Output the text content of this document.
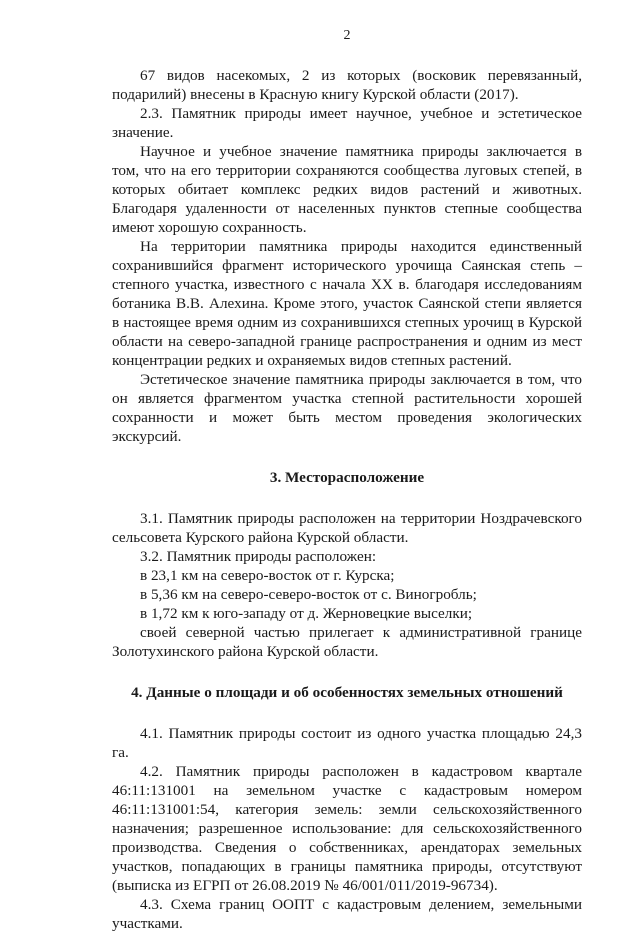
2

67 видов насекомых, 2 из которых (восковик перевязанный, подарилий) внесены в Красную книгу Курской области (2017).

2.3. Памятник природы имеет научное, учебное и эстетическое значение.

Научное и учебное значение памятника природы заключается в том, что на его территории сохраняются сообщества луговых степей, в которых обитает комплекс редких видов растений и животных. Благодаря удаленности от населенных пунктов степные сообщества имеют хорошую сохранность.

На территории памятника природы находится единственный сохранившийся фрагмент исторического урочища Саянская степь – степного участка, известного с начала XX в. благодаря исследованиям ботаника В.В. Алехина. Кроме этого, участок Саянской степи является в настоящее время одним из сохранившихся степных урочищ в Курской области на северо-западной границе распространения и одним из мест концентрации редких и охраняемых видов степных растений.

Эстетическое значение памятника природы заключается в том, что он является фрагментом участка степной растительности хорошей сохранности и может быть местом проведения экологических экскурсий.

3. Месторасположение

3.1. Памятник природы расположен на территории Ноздрачевского сельсовета Курского района Курской области.

3.2. Памятник природы расположен:

в 23,1 км на северо-восток от г. Курска;

в 5,36 км на северо-северо-восток от с. Виногробль;

в 1,72 км к юго-западу от д. Жерновецкие выселки;

своей северной частью прилегает к административной границе Золотухинского района Курской области.

4. Данные о площади и об особенностях земельных отношений

4.1. Памятник природы состоит из одного участка площадью 24,3 га.

4.2. Памятник природы расположен в кадастровом квартале 46:11:131001 на земельном участке с кадастровым номером 46:11:131001:54, категория земель: земли сельскохозяйственного назначения; разрешенное использование: для сельскохозяйственного производства. Сведения о собственниках, арендаторах земельных участков, попадающих в границы памятника природы, отсутствуют (выписка из ЕГРП от 26.08.2019 № 46/001/011/2019-96734).

4.3. Схема границ ООПТ с кадастровым делением, земельными участками.
